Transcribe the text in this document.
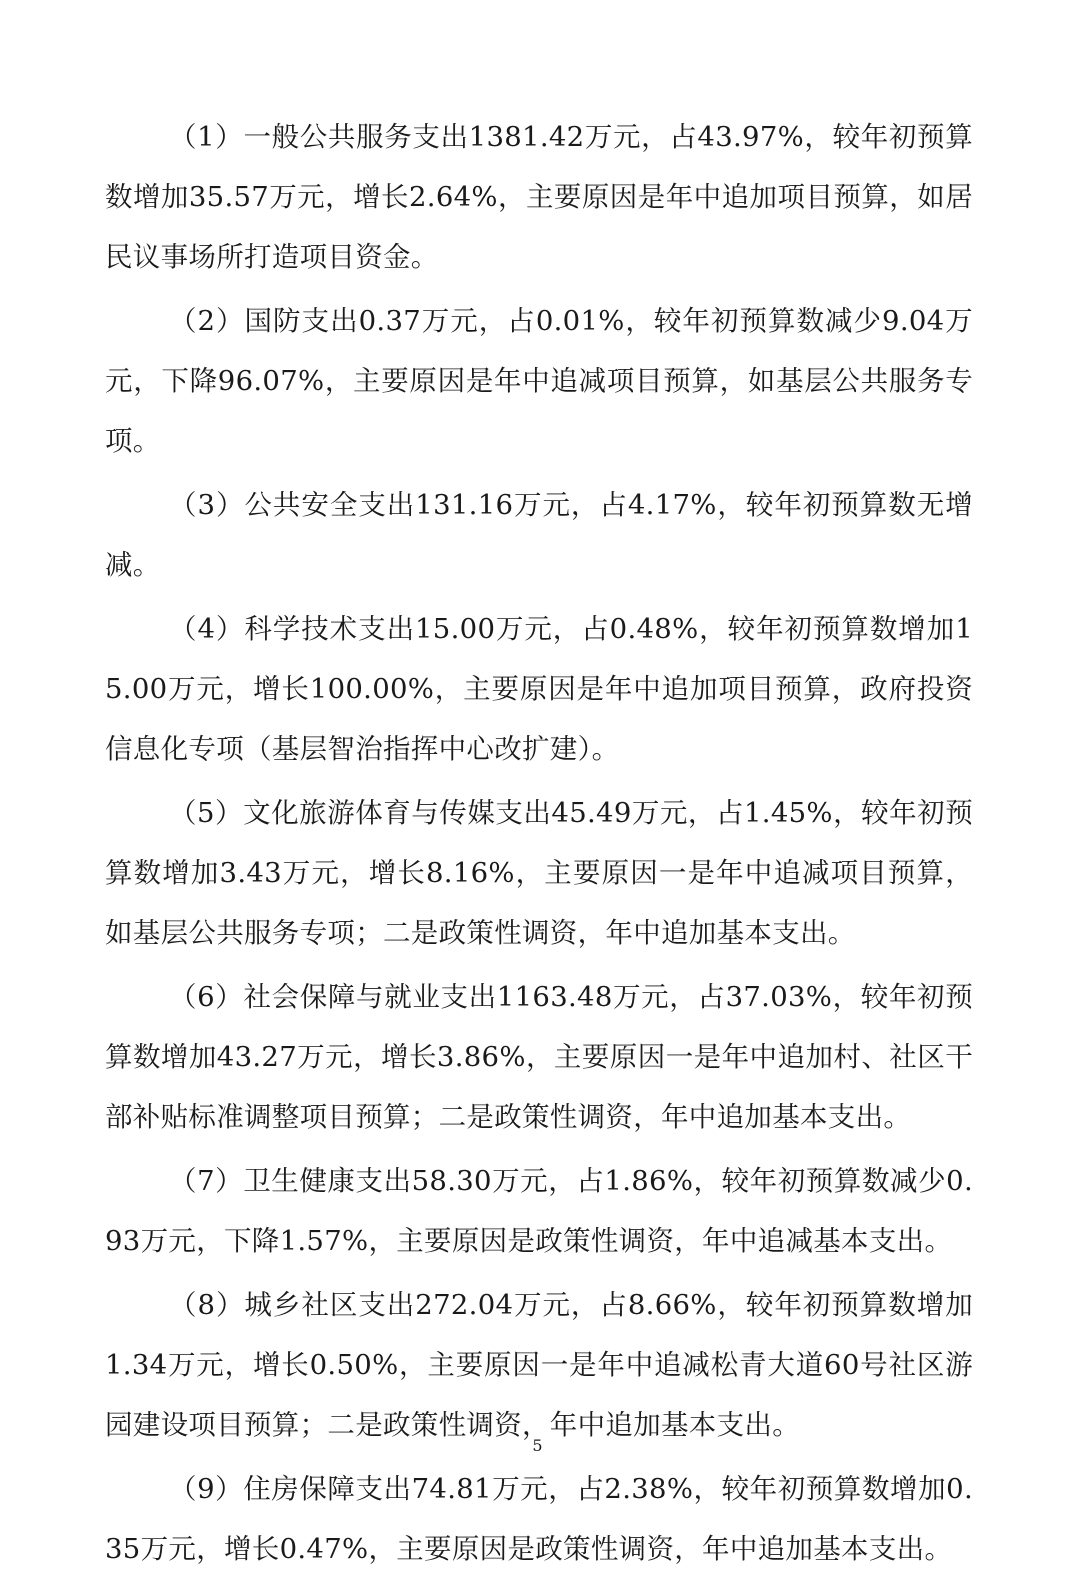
（1）一般公共服务支出1381.42万元，占43.97%，较年初预算数增加35.57万元，增长2.64%，主要原因是年中追加项目预算，如居民议事场所打造项目资金。

（2）国防支出0.37万元，占0.01%，较年初预算数减少9.04万元，下降96.07%，主要原因是年中追减项目预算，如基层公共服务专项。

（3）公共安全支出131.16万元，占4.17%，较年初预算数无增减。

（4）科学技术支出15.00万元，占0.48%，较年初预算数增加15.00万元，增长100.00%，主要原因是年中追加项目预算，政府投资信息化专项（基层智治指挥中心改扩建）。

（5）文化旅游体育与传媒支出45.49万元，占1.45%，较年初预算数增加3.43万元，增长8.16%，主要原因一是年中追减项目预算，如基层公共服务专项；二是政策性调资，年中追加基本支出。

（6）社会保障与就业支出1163.48万元，占37.03%，较年初预算数增加43.27万元，增长3.86%，主要原因一是年中追加村、社区干部补贴标准调整项目预算；二是政策性调资，年中追加基本支出。

（7）卫生健康支出58.30万元，占1.86%，较年初预算数减少0.93万元，下降1.57%，主要原因是政策性调资，年中追减基本支出。

（8）城乡社区支出272.04万元，占8.66%，较年初预算数增加1.34万元，增长0.50%，主要原因一是年中追减松青大道60号社区游园建设项目预算；二是政策性调资，年中追加基本支出。

（9）住房保障支出74.81万元，占2.38%，较年初预算数增加0.35万元，增长0.47%，主要原因是政策性调资，年中追加基本支出。

5
